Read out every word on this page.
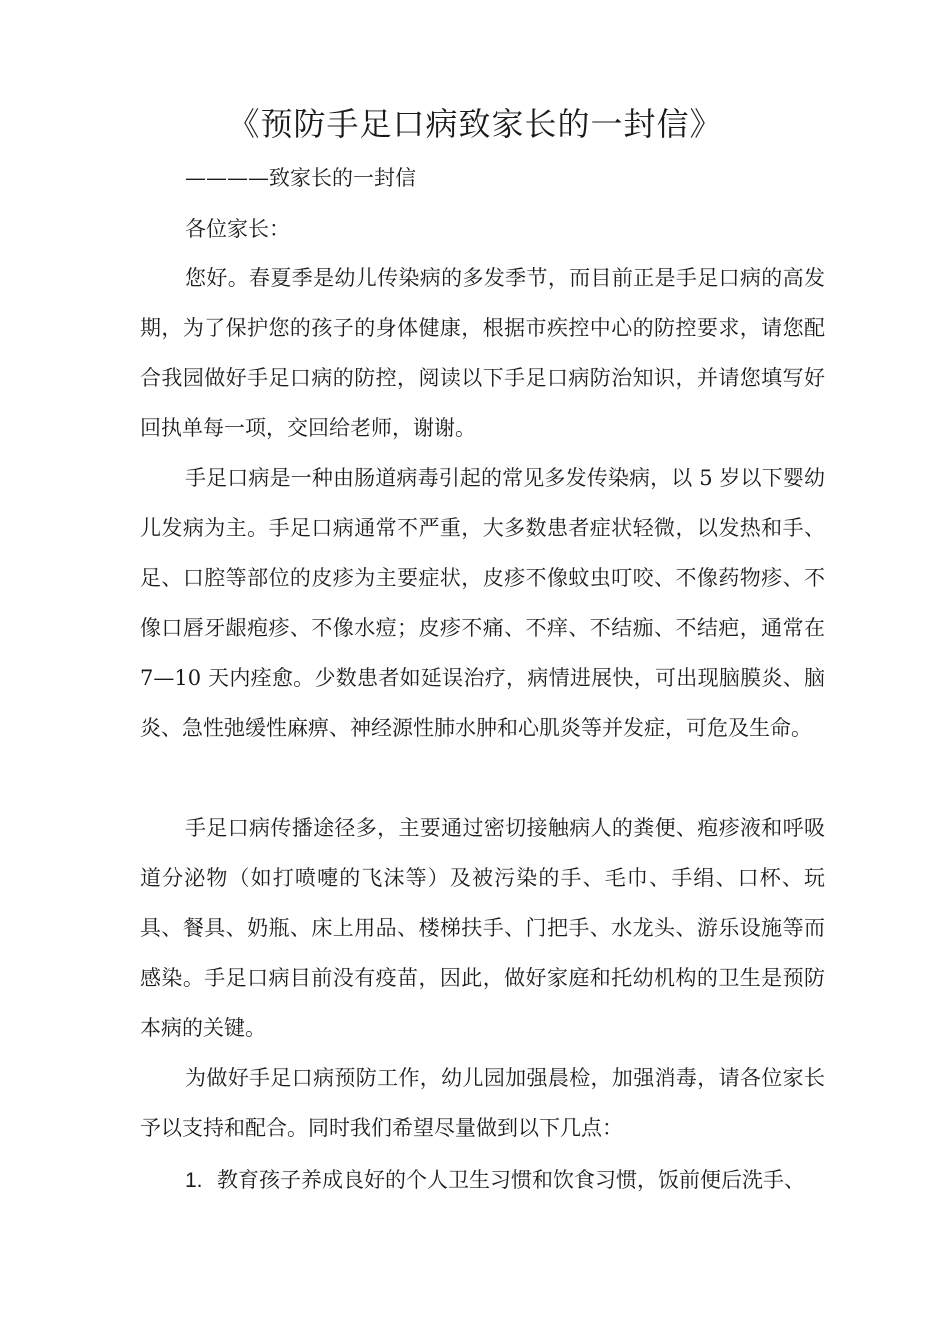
《预防手足口病致家长的一封信》
————致家长的一封信
各位家长：

您好。春夏季是幼儿传染病的多发季节，而目前正是手足口病的高发期，为了保护您的孩子的身体健康，根据市疾控中心的防控要求，请您配合我园做好手足口病的防控，阅读以下手足口病防治知识，并请您填写好回执单每一项，交回给老师，谢谢。

手足口病是一种由肠道病毒引起的常见多发传染病，以 5 岁以下婴幼儿发病为主。手足口病通常不严重，大多数患者症状轻微，以发热和手、足、口腔等部位的皮疹为主要症状，皮疹不像蚊虫叮咬、不像药物疹、不像口唇牙龈疱疹、不像水痘；皮疹不痛、不痒、不结痂、不结疤，通常在 7—10 天内痊愈。少数患者如延误治疗，病情进展快，可出现脑膜炎、脑炎、急性弛缓性麻痹、神经源性肺水肿和心肌炎等并发症，可危及生命。

手足口病传播途径多，主要通过密切接触病人的粪便、疱疹液和呼吸道分泌物（如打喷嚏的飞沫等）及被污染的手、毛巾、手绢、口杯、玩具、餐具、奶瓶、床上用品、楼梯扶手、门把手、水龙头、游乐设施等而感染。手足口病目前没有疫苗，因此，做好家庭和托幼机构的卫生是预防本病的关键。

为做好手足口病预防工作，幼儿园加强晨检，加强消毒，请各位家长予以支持和配合。同时我们希望尽量做到以下几点：

1. 教育孩子养成良好的个人卫生习惯和饮食习惯，饭前便后洗手、
